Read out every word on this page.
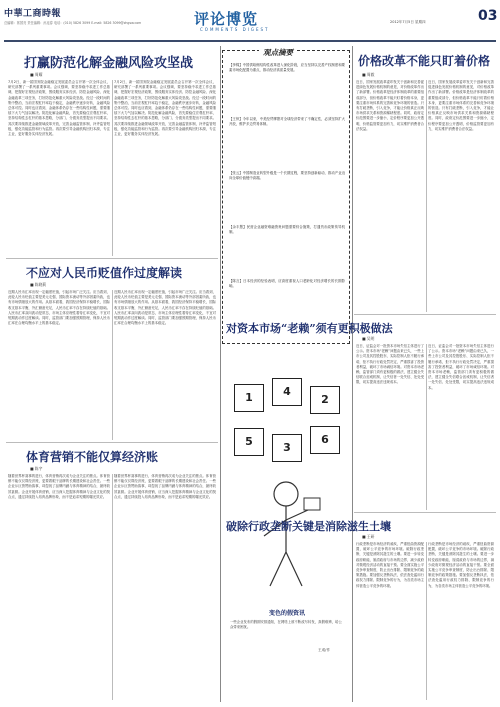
中華工商時報
总编辑：郭国亮 责任编辑：孙连春 电话：(010) 5826 3099 E-mail: 5826 3099@zhgsw.com	评论博览
COMMENTS DIGEST
2012年7月5日 星期四	03
打赢防范化解金融风险攻坚战
■ 周耀
7月2日，新一届国务院金融稳定发展委员会召开第一次全体会议，研究部署了一系列重要事项。会议强调，要坚持稳中求进工作总基调，把握好宏观经济政策，围绕服务实体经济、防控金融风险、深化金融改革三项任务，打好防范化解重大风险攻坚战。经过一段时间的集中整治，当前宏观杠杆率趋于稳定，金融秩序逐步好转，金融风险总体可控。同时也应看到，金融体系仍存在一些结构性问题，需要继续下大力气加以解决。防范化解金融风险，首先要稳住宏观杠杆率，坚持结构性去杠杆的基本思路，分部门、分债务类型提出不同要求。其次要持续推进金融领域改革开放，完善金融监管体制，补齐监管短板，强化功能监管和行为监管。再次要引导金融机构回归本源，专注主业，更好服务实体经济发展。
7月2日，新一届国务院金融稳定发展委员会召开第一次全体会议，研究部署了一系列重要事项。会议强调，要坚持稳中求进工作总基调，把握好宏观经济政策，围绕服务实体经济、防控金融风险、深化金融改革三项任务，打好防范化解重大风险攻坚战。经过一段时间的集中整治，当前宏观杠杆率趋于稳定，金融秩序逐步好转，金融风险总体可控。同时也应看到，金融体系仍存在一些结构性问题，需要继续下大力气加以解决。防范化解金融风险，首先要稳住宏观杠杆率，坚持结构性去杠杆的基本思路，分部门、分债务类型提出不同要求。其次要持续推进金融领域改革开放，完善金融监管体制，补齐监管短板，强化功能监管和行为监管。再次要引导金融机构回归本源，专注主业，更好服务实体经济发展。
不应对人民币贬值作过度解读
■ 陈晓莉
近期人民币汇率出现一定幅度贬值，引起市场广泛关注。应当看到，此轮人民币贬值主要是美元走强、国际资本流动等外部因素所致，也有市场情绪放大的作用。从基本面看，我国经济保持平稳增长，国际收支基本平衡，外汇储备充足，人民币汇率不存在持续贬值的基础。人民币汇率双向波动是常态，市场主体应理性看待汇率变化，不宜对短期波动作过度解读。同时，监管部门要加强预期管理，保持人民币汇率在合理均衡水平上的基本稳定。
近期人民币汇率出现一定幅度贬值，引起市场广泛关注。应当看到，此轮人民币贬值主要是美元走强、国际资本流动等外部因素所致，也有市场情绪放大的作用。从基本面看，我国经济保持平稳增长，国际收支基本平衡，外汇储备充足，人民币汇率不存在持续贬值的基础。人民币汇率双向波动是常态，市场主体应理性看待汇率变化，不宜对短期波动作过度解读。同时，监管部门要加强预期管理，保持人民币汇率在合理均衡水平上的基本稳定。
体育营销不能仅算经济账
■ 陈宇
随着世界杯赛事的进行，体育营销再次成为企业关注的焦点。体育营销不能仅仅算经济账，更要着眼于品牌的长期建设和社会责任。一些企业斥巨资赞助赛事，却忽视了品牌内涵与体育精神的结合，最终收效甚微。企业开展体育营销，应当深入挖掘体育精神与企业文化的契合点，通过持续投入培育品牌形象，而不是追求短期的曝光效应。
随着世界杯赛事的进行，体育营销再次成为企业关注的焦点。体育营销不能仅仅算经济账，更要着眼于品牌的长期建设和社会责任。一些企业斥巨资赞助赛事，却忽视了品牌内涵与体育精神的结合，最终收效甚微。企业开展体育营销，应当深入挖掘体育精神与企业文化的契合点，通过持续投入培育品牌形象，而不是追求短期的曝光效应。
观点摘要
【李锦】中国供给侧结构性改革进入深化阶段，应当坚持以完善产权制度和要素市场化配置为重点，推动经济高质量发展。
【王仲】今年以来，中美经贸摩擦对全球经济带来了不确定性，必须坚持扩大开放，维护多边贸易体制。
【张云】中国制造业转型升级是一个长期过程，要坚持创新驱动，推动产业迈向全球价值链中高端。
【余丰慧】民营企业融资难融资贵问题需要综合施策，打通货币政策传导机制。
【陈言】日本经济的经验表明，应高度重视人口老龄化对经济增长的长期影响。
1	4
2
5	3
6
变色的假资讯
一些企业发布的假期安排通知，在网络上被不断改写转发，真假难辨，给公众带来困扰。
王成/作
价格改革不能只盯着价格
■ 周毅
近日，国家发展改革委印发关于创新和完善促进绿色发展价格机制的意见，对价格改革作出了新部署。价格改革是经济体制改革的重要组成部分，但价格改革不能只盯着价格本身，更要注重市场体系的完善和竞争环境的营造。只有打破垄断，引入竞争，才能让价格真正反映市场供求关系和资源稀缺程度。同时，政府定价范围要进一步缩小，定价程序要更加公开透明，价格监管要更加有力，切实维护消费者合法权益。
近日，国家发展改革委印发关于创新和完善促进绿色发展价格机制的意见，对价格改革作出了新部署。价格改革是经济体制改革的重要组成部分，但价格改革不能只盯着价格本身，更要注重市场体系的完善和竞争环境的营造。只有打破垄断，引入竞争，才能让价格真正反映市场供求关系和资源稀缺程度。同时，政府定价范围要进一步缩小，定价程序要更加公开透明，价格监管要更加有力，切实维护消费者合法权益。
对资本市场“老赖”须有更积极做法
■ 吴明
近日，证监会对一批资本市场失信主体进行了公示。资本市场“老赖”问题由来已久，一些上市公司及其控股股东、实际控制人拒不履行承诺，拒不执行行政处罚决定，严重损害了投资者利益，破坏了市场诚信环境。对资本市场老赖，监管部门须有更积极的做法，建立健全失信联合惩戒机制，让失信者一处失信、处处受限，切实提高违法违规成本。
近日，证监会对一批资本市场失信主体进行了公示。资本市场“老赖”问题由来已久，一些上市公司及其控股股东、实际控制人拒不履行承诺，拒不执行行政处罚决定，严重损害了投资者利益，破坏了市场诚信环境。对资本市场老赖，监管部门须有更积极的做法，建立健全失信联合惩戒机制，让失信者一处失信、处处受限，切实提高违法违规成本。
破除行政垄断关键是消除滋生土壤
■ 王研
行政垄断是市场经济的顽疾，严重扭曲资源配置，破坏公平竞争的市场环境。破除行政垄断，关键是消除其滋生的土壤。要进一步转变政府职能，厘清政府与市场的边界，减少政府对微观经济活动的直接干预。要全面实施公平竞争审查制度，防止出台排除、限制竞争的政策措施。要加强反垄断执法，依法查处滥用行政权力排除、限制竞争的行为，为各类市场主体营造公平竞争的环境。
行政垄断是市场经济的顽疾，严重扭曲资源配置，破坏公平竞争的市场环境。破除行政垄断，关键是消除其滋生的土壤。要进一步转变政府职能，厘清政府与市场的边界，减少政府对微观经济活动的直接干预。要全面实施公平竞争审查制度，防止出台排除、限制竞争的政策措施。要加强反垄断执法，依法查处滥用行政权力排除、限制竞争的行为，为各类市场主体营造公平竞争的环境。
